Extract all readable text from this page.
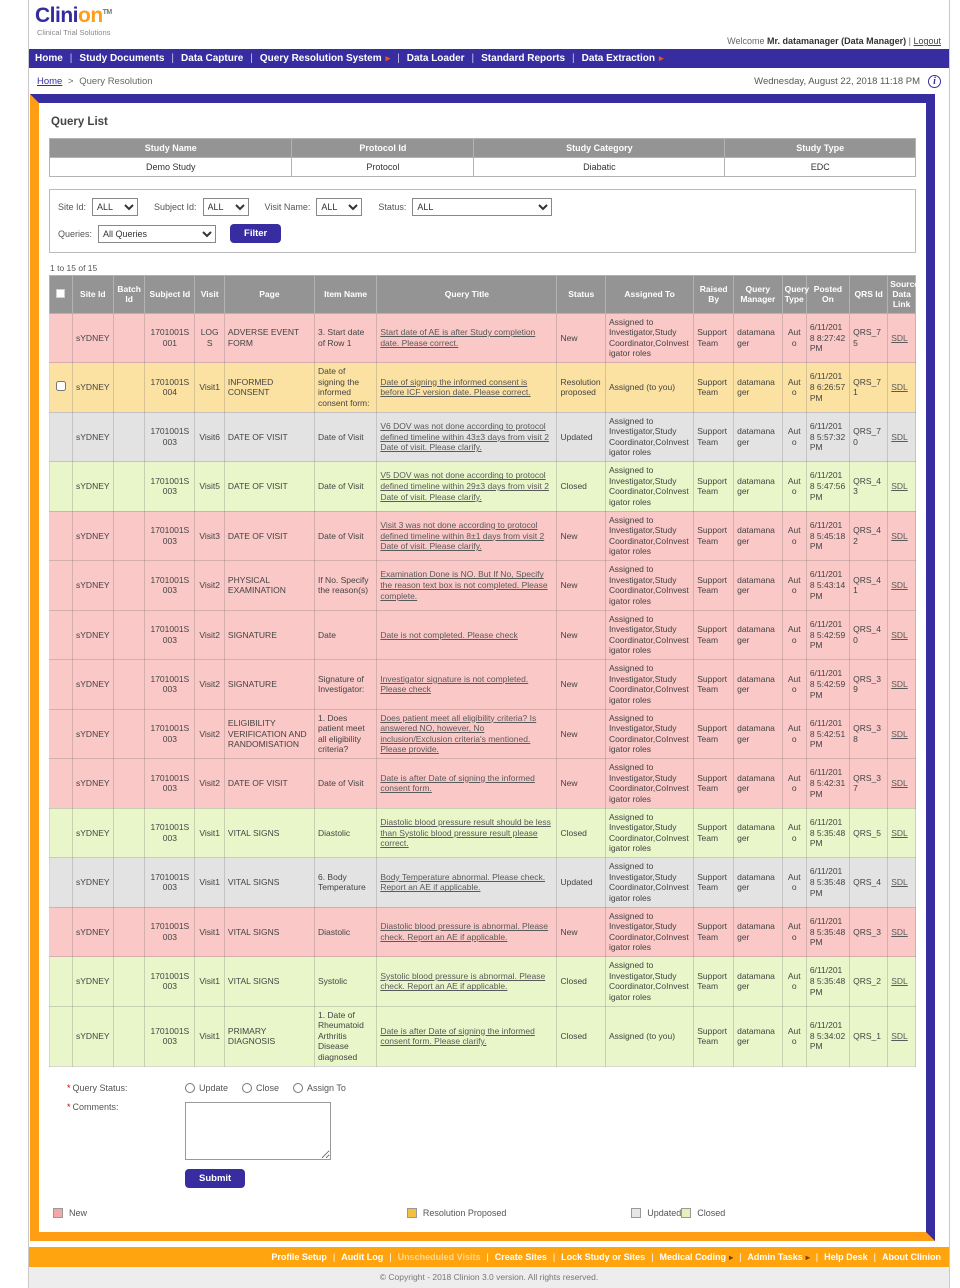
Clinion™
Clinical Trial Solutions
Welcome Mr. datamanager (Data Manager) | Logout
Home	| Study Documents	| Data Capture	| Query Resolution System ▸	| Data Loader	| Standard Reports	| Data Extraction▸
Home > Query Resolution	Wednesday, August 22, 2018 11:18 PM	i
Query List
Study Name	Protocol Id	Study Category	Study Type
Demo Study	Protocol	Diabatic	EDC
Site Id:
ALL	Subject Id:
ALL	Visit Name:
ALL	Status:
ALL
Queries:
All Queries	Filter
1 to 15 of 15
	Site Id	Batch Id	Subject Id	Visit	Page	Item Name	Query Title	Status	Assigned To	Raised By	Query Manager	Query Type	Posted On	QRS Id	Source Data Link
	sYDNEY		1701001S001	LOGS	ADVERSE EVENT FORM	3. Start date of Row 1	Start date of AE is after Study completion date. Please correct.	New	Assigned to Investigator,Study Coordinator,CoInvestigator roles	Support Team	datamanager	Auto	6/11/2018 8:27:42 PM	QRS_75	SDL
	sYDNEY		1701001S004	Visit1	INFORMED CONSENT	Date of signing the informed consent form:	Date of signing the informed consent is before ICF version date. Please correct.	Resolution proposed	Assigned (to you)	Support Team	datamanager	Auto	6/11/2018 6:26:57 PM	QRS_71	SDL
	sYDNEY		1701001S003	Visit6	DATE OF VISIT	Date of Visit	V6 DOV was not done according to protocol defined timeline within 43±3 days from visit 2 Date of visit. Please clarify.	Updated	Assigned to Investigator,Study Coordinator,CoInvestigator roles	Support Team	datamanager	Auto	6/11/2018 5:57:32 PM	QRS_70	SDL
	sYDNEY		1701001S003	Visit5	DATE OF VISIT	Date of Visit	V5 DOV was not done according to protocol defined timeline within 29±3 days from visit 2 Date of visit. Please clarify.	Closed	Assigned to Investigator,Study Coordinator,CoInvestigator roles	Support Team	datamanager	Auto	6/11/2018 5:47:56 PM	QRS_43	SDL
	sYDNEY		1701001S003	Visit3	DATE OF VISIT	Date of Visit	Visit 3 was not done according to protocol defined timeline within 8±1 days from visit 2 Date of visit. Please clarify.	New	Assigned to Investigator,Study Coordinator,CoInvestigator roles	Support Team	datamanager	Auto	6/11/2018 5:45:18 PM	QRS_42	SDL
	sYDNEY		1701001S003	Visit2	PHYSICAL EXAMINATION	If No. Specify the reason(s)	Examination Done is NO. But If No, Specify the reason text box is not completed. Please complete.	New	Assigned to Investigator,Study Coordinator,CoInvestigator roles	Support Team	datamanager	Auto	6/11/2018 5:43:14 PM	QRS_41	SDL
	sYDNEY		1701001S003	Visit2	SIGNATURE	Date	Date is not completed. Please check	New	Assigned to Investigator,Study Coordinator,CoInvestigator roles	Support Team	datamanager	Auto	6/11/2018 5:42:59 PM	QRS_40	SDL
	sYDNEY		1701001S003	Visit2	SIGNATURE	Signature of Investigator:	Investigator signature is not completed. Please check	New	Assigned to Investigator,Study Coordinator,CoInvestigator roles	Support Team	datamanager	Auto	6/11/2018 5:42:59 PM	QRS_39	SDL
	sYDNEY		1701001S003	Visit2	ELIGIBILITY VERIFICATION AND RANDOMISATION	1. Does patient meet all eligibility criteria?	Does patient meet all eligibility criteria? Is answered NO, however, No inclusion/Exclusion criteria's mentioned. Please provide.	New	Assigned to Investigator,Study Coordinator,CoInvestigator roles	Support Team	datamanager	Auto	6/11/2018 5:42:51 PM	QRS_38	SDL
	sYDNEY		1701001S003	Visit2	DATE OF VISIT	Date of Visit	Date is after Date of signing the informed consent form.	New	Assigned to Investigator,Study Coordinator,CoInvestigator roles	Support Team	datamanager	Auto	6/11/2018 5:42:31 PM	QRS_37	SDL
	sYDNEY		1701001S003	Visit1	VITAL SIGNS	Diastolic	Diastolic blood pressure result should be less than Systolic blood pressure result please correct.	Closed	Assigned to Investigator,Study Coordinator,CoInvestigator roles	Support Team	datamanager	Auto	6/11/2018 5:35:48 PM	QRS_5	SDL
	sYDNEY		1701001S003	Visit1	VITAL SIGNS	6. Body Temperature	Body Temperature abnormal. Please check. Report an AE if applicable.	Updated	Assigned to Investigator,Study Coordinator,CoInvestigator roles	Support Team	datamanager	Auto	6/11/2018 5:35:48 PM	QRS_4	SDL
	sYDNEY		1701001S003	Visit1	VITAL SIGNS	Diastolic	Diastolic blood pressure is abnormal. Please check. Report an AE if applicable.	New	Assigned to Investigator,Study Coordinator,CoInvestigator roles	Support Team	datamanager	Auto	6/11/2018 5:35:48 PM	QRS_3	SDL
	sYDNEY		1701001S003	Visit1	VITAL SIGNS	Systolic	Systolic blood pressure is abnormal. Please check. Report an AE if applicable.	Closed	Assigned to Investigator,Study Coordinator,CoInvestigator roles	Support Team	datamanager	Auto	6/11/2018 5:35:48 PM	QRS_2	SDL
	sYDNEY		1701001S003	Visit1	PRIMARY DIAGNOSIS	1. Date of Rheumatoid Arthritis Disease diagnosed	Date is after Date of signing the informed consent form. Please clarify.	Closed	Assigned (to you)	Support Team	datamanager	Auto	6/11/2018 5:34:02 PM	QRS_1	SDL
* Query Status:	Update	Close	Assign To
* Comments:
Submit
New	Resolution Proposed	Updated Closed
Profile Setup	| Audit Log	| Unscheduled Visits	| Create Sites	| Lock Study or Sites	| Medical Coding ▸	| Admin Tasks ▸	| Help Desk	| About Clinion
© Copyright - 2018 Clinion 3.0 version. All rights reserved.
